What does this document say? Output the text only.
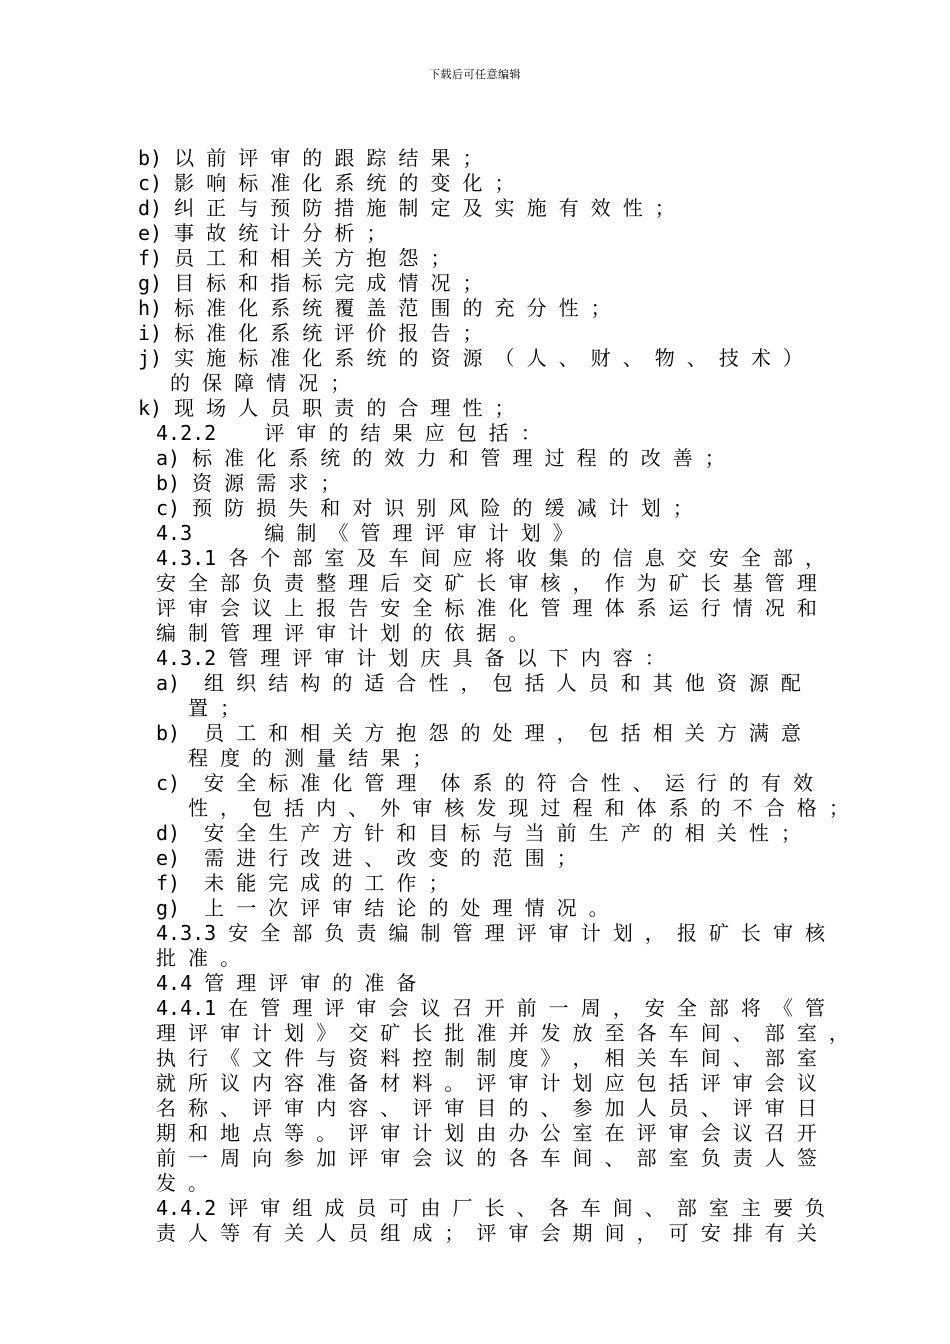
下载后可任意编辑
b) 以 前 评 审 的 跟 踪 结 果 ；
c) 影 响 标 准 化 系 统 的 变 化 ；
d) 纠 正 与 预 防 措 施 制 定 及 实 施 有 效 性 ；
e) 事 故 统 计 分 析 ；
f) 员 工 和 相 关 方 抱 怨 ；
g) 目 标 和 指 标 完 成 情 况 ；
h) 标 准 化 系 统 覆 盖 范 围 的 充 分 性 ；
i) 标 准 化 系 统 评 价 报 告 ；
j) 实 施 标 准 化 系 统 的 资 源 （ 人 、 财 、 物 、 技 术 ）
的 保 障 情 况 ；
k) 现 场 人 员 职 责 的 合 理 性 ；
4.2.2    评 审 的 结 果 应 包 括 ：
a) 标 准 化 系 统 的 效 力 和 管 理 过 程 的 改 善 ；
b) 资 源 需 求 ；
c) 预 防 损 失 和 对 识 别 风 险 的 缓 减 计 划 ；
4.3      编 制 《 管 理 评 审 计 划 》
4.3.1 各 个 部 室 及 车 间 应 将 收 集 的 信 息 交 安 全 部 ，
安 全 部 负 责 整 理 后 交 矿 长 审 核 ， 作 为 矿 长 基 管 理
评 审 会 议 上 报 告 安 全 标 准 化 管 理 体 系 运 行 情 况 和
编 制 管 理 评 审 计 划 的 依 据 。
4.3.2 管 理 评 审 计 划 庆 具 备 以 下 内 容 ：
a)  组 织 结 构 的 适 合 性 ， 包 括 人 员 和 其 他 资 源 配
置 ；
b)  员 工 和 相 关 方 抱 怨 的 处 理 ， 包 括 相 关 方 满 意
程 度 的 测 量 结 果 ；
c)  安 全 标 准 化 管 理  体 系 的 符 合 性 、 运 行 的 有 效
性 ， 包 括 内 、 外 审 核 发 现 过 程 和 体 系 的 不 合 格 ；
d)  安 全 生 产 方 针 和 目 标 与 当 前 生 产 的 相 关 性 ；
e)  需 进 行 改 进 、 改 变 的 范 围 ；
f)  未 能 完 成 的 工 作 ；
g)  上 一 次 评 审 结 论 的 处 理 情 况 。
4.3.3 安 全 部 负 责 编 制 管 理 评 审 计 划 ， 报 矿 长 审 核
批 准 。
4.4 管 理 评 审 的 准 备
4.4.1 在 管 理 评 审 会 议 召 开 前 一 周 ， 安 全 部 将 《 管
理 评 审 计 划 》 交 矿 长 批 准 并 发 放 至 各 车 间 、 部 室 ，
执 行 《 文 件 与 资 料 控 制 制 度 》 ， 相 关 车 间 、 部 室
就 所 议 内 容 准 备 材 料 。 评 审 计 划 应 包 括 评 审 会 议
名 称 、 评 审 内 容 、 评 审 目 的 、 参 加 人 员 、 评 审 日
期 和 地 点 等 。 评 审 计 划 由 办 公 室 在 评 审 会 议 召 开
前 一 周 向 参 加 评 审 会 议 的 各 车 间 、 部 室 负 责 人 签
发 。
4.4.2 评 审 组 成 员 可 由 厂 长 、 各 车 间 、 部 室 主 要 负
责 人 等 有 关 人 员 组 成 ； 评 审 会 期 间 ， 可 安 排 有 关
